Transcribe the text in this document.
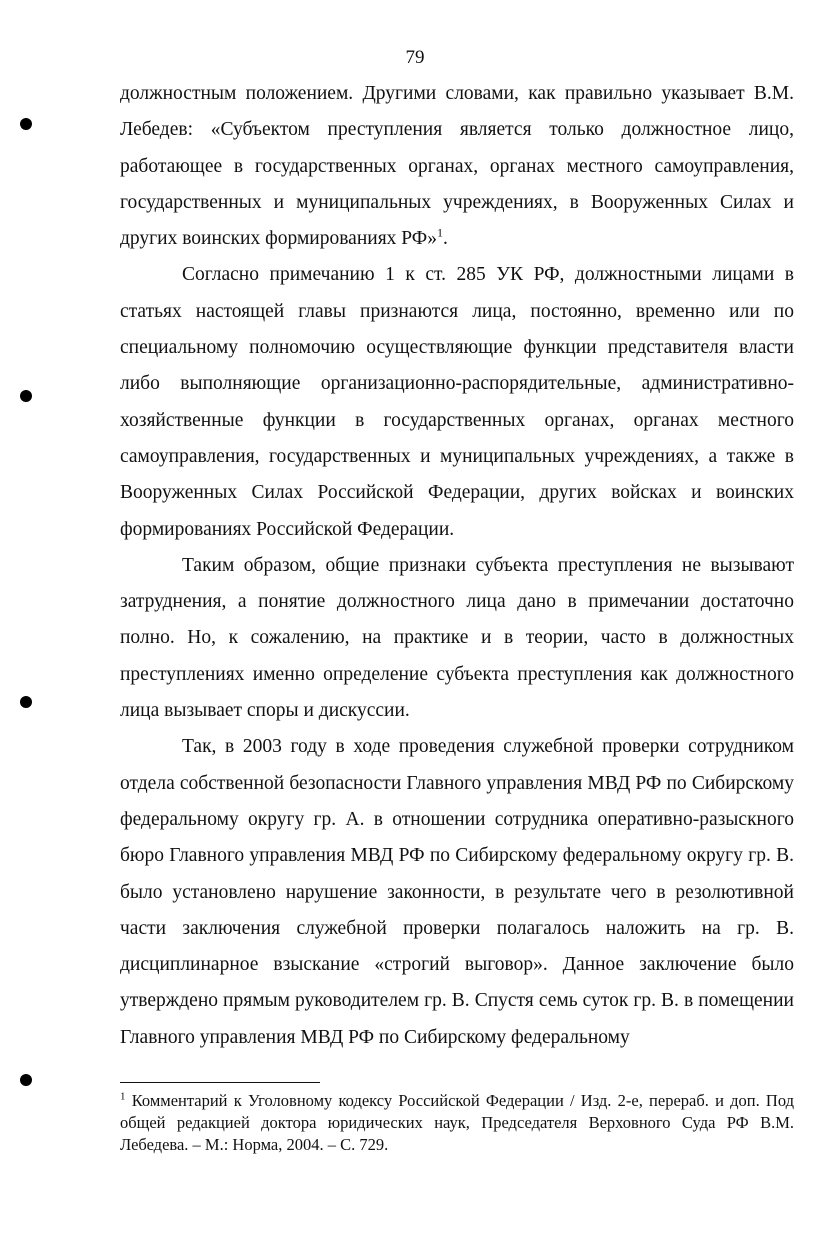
79

должностным положением. Другими словами, как правильно указывает В.М. Лебедев: «Субъектом преступления является только должностное лицо, работающее в государственных органах, органах местного самоуправления, государственных и муниципальных учреждениях, в Вооруженных Силах и других воинских формированиях РФ»$^1$.

Согласно примечанию 1 к ст. 285 УК РФ, должностными лицами в статьях настоящей главы признаются лица, постоянно, временно или по специальному полномочию осуществляющие функции представителя власти либо выполняющие организационно-распорядительные, административно-хозяйственные функции в государственных органах, органах местного самоуправления, государственных и муниципальных учреждениях, а также в Вооруженных Силах Российской Федерации, других войсках и воинских формированиях Российской Федерации.

Таким образом, общие признаки субъекта преступления не вызывают затруднения, а понятие должностного лица дано в примечании достаточно полно. Но, к сожалению, на практике и в теории, часто в должностных преступлениях именно определение субъекта преступления как должностного лица вызывает споры и дискуссии.

Так, в 2003 году в ходе проведения служебной проверки сотрудником отдела собственной безопасности Главного управления МВД РФ по Сибирскому федеральному округу гр. А. в отношении сотрудника оперативно-разыскного бюро Главного управления МВД РФ по Сибирскому федеральному округу гр. В. было установлено нарушение законности, в результате чего в резолютивной части заключения служебной проверки полагалось наложить на гр. В. дисциплинарное взыскание «строгий выговор». Данное заключение было утверждено прямым руководителем гр. В. Спустя семь суток гр. В. в помещении Главного управления МВД РФ по Сибирскому федеральному

$^1$ Комментарий к Уголовному кодексу Российской Федерации / Изд. 2-е, перераб. и доп. Под общей редакцией доктора юридических наук, Председателя Верховного Суда РФ В.М. Лебедева. – М.: Норма, 2004. – С. 729.
